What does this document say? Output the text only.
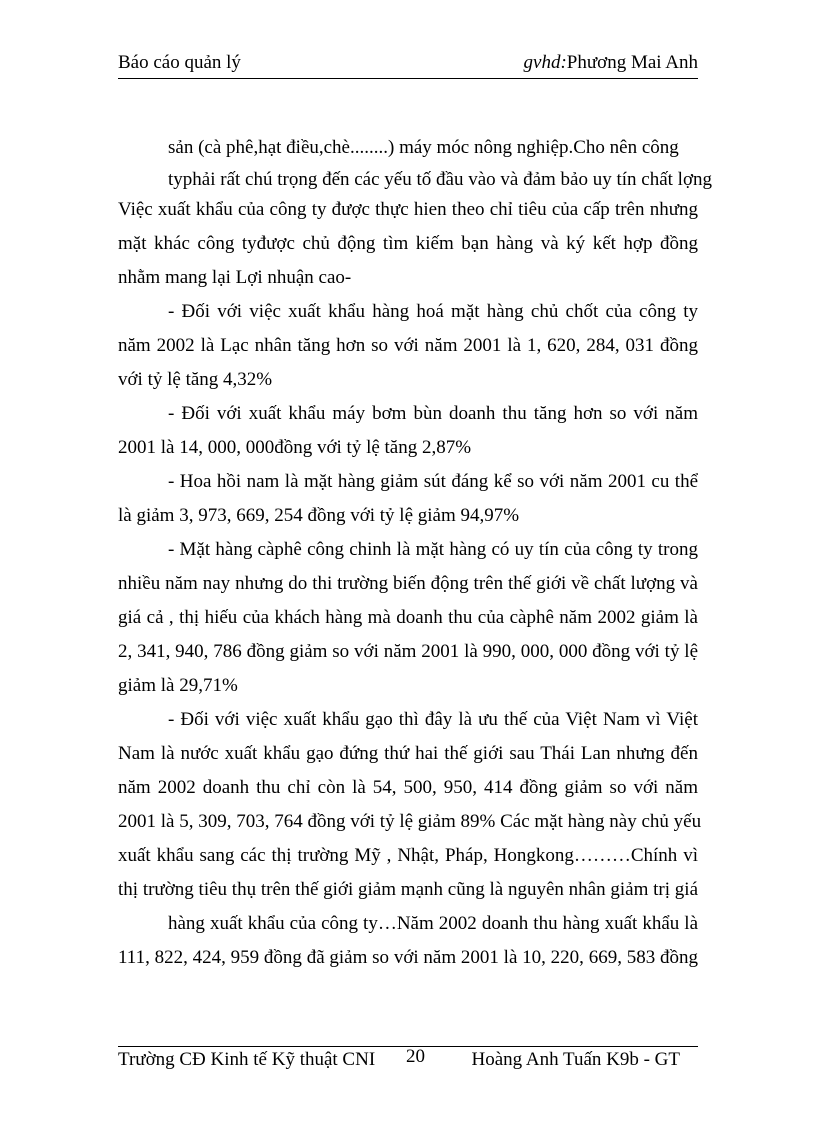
Báo cáo quản lý	gvhd:Phương Mai Anh
sản (cà phê,hạt điều,chè........) máy móc nông nghiệp.Cho nên công
typhải rất chú trọng đến các yếu tố đầu vào và đảm bảo uy tín chất lợng
Việc xuất khẩu của công ty được thực hien theo chỉ tiêu của cấp trên nhưng
mặt khác công tyđược chủ động tìm kiếm bạn hàng và ký kết hợp đồng
nhằm mang lại Lợi nhuận cao-
- Đối với việc xuất khẩu hàng hoá mặt hàng chủ chốt của công ty
năm 2002 là Lạc nhân tăng hơn so với năm 2001 là 1, 620, 284, 031 đồng
với tỷ lệ tăng 4,32%
- Đối với xuất khẩu máy bơm bùn doanh thu tăng hơn so với năm
2001 là 14, 000, 000đồng với tỷ lệ tăng 2,87%
- Hoa hồi nam là mặt hàng giảm sút đáng kể so với năm 2001 cu thể
là giảm 3, 973, 669, 254 đồng với tỷ lệ giảm 94,97%
- Mặt hàng càphê công chinh là mặt hàng có uy tín của công ty trong
nhiều năm nay nhưng do thi trường biến động trên thế giới về chất lượng và
giá cả , thị hiếu của khách hàng mà doanh thu của càphê năm 2002 giảm là
2, 341, 940, 786 đồng giảm so với năm 2001 là 990, 000, 000 đồng với tỷ lệ
giảm là 29,71%
- Đối với việc xuất khẩu gạo thì đây là ưu thế của Việt Nam vì Việt
Nam là nước xuất khẩu gạo đứng thứ hai thế giới sau Thái Lan nhưng đến
năm 2002 doanh thu chỉ còn là 54, 500, 950, 414 đồng giảm so với năm
2001 là 5, 309, 703, 764 đồng với tỷ lệ giảm 89% Các mặt hàng này chủ yếu
xuất khẩu sang các thị trường Mỹ , Nhật, Pháp, Hongkong………Chính vì
thị trường tiêu thụ trên thế giới giảm mạnh cũng là nguyên nhân giảm trị giá
hàng xuất khẩu của công ty…Năm 2002 doanh thu hàng xuất khẩu là
111, 822, 424, 959 đồng đã giảm so với năm 2001 là 10, 220, 669, 583 đồng
Trường CĐ Kinh tế Kỹ thuật CNI 20 Hoàng Anh Tuấn K9b - GT
